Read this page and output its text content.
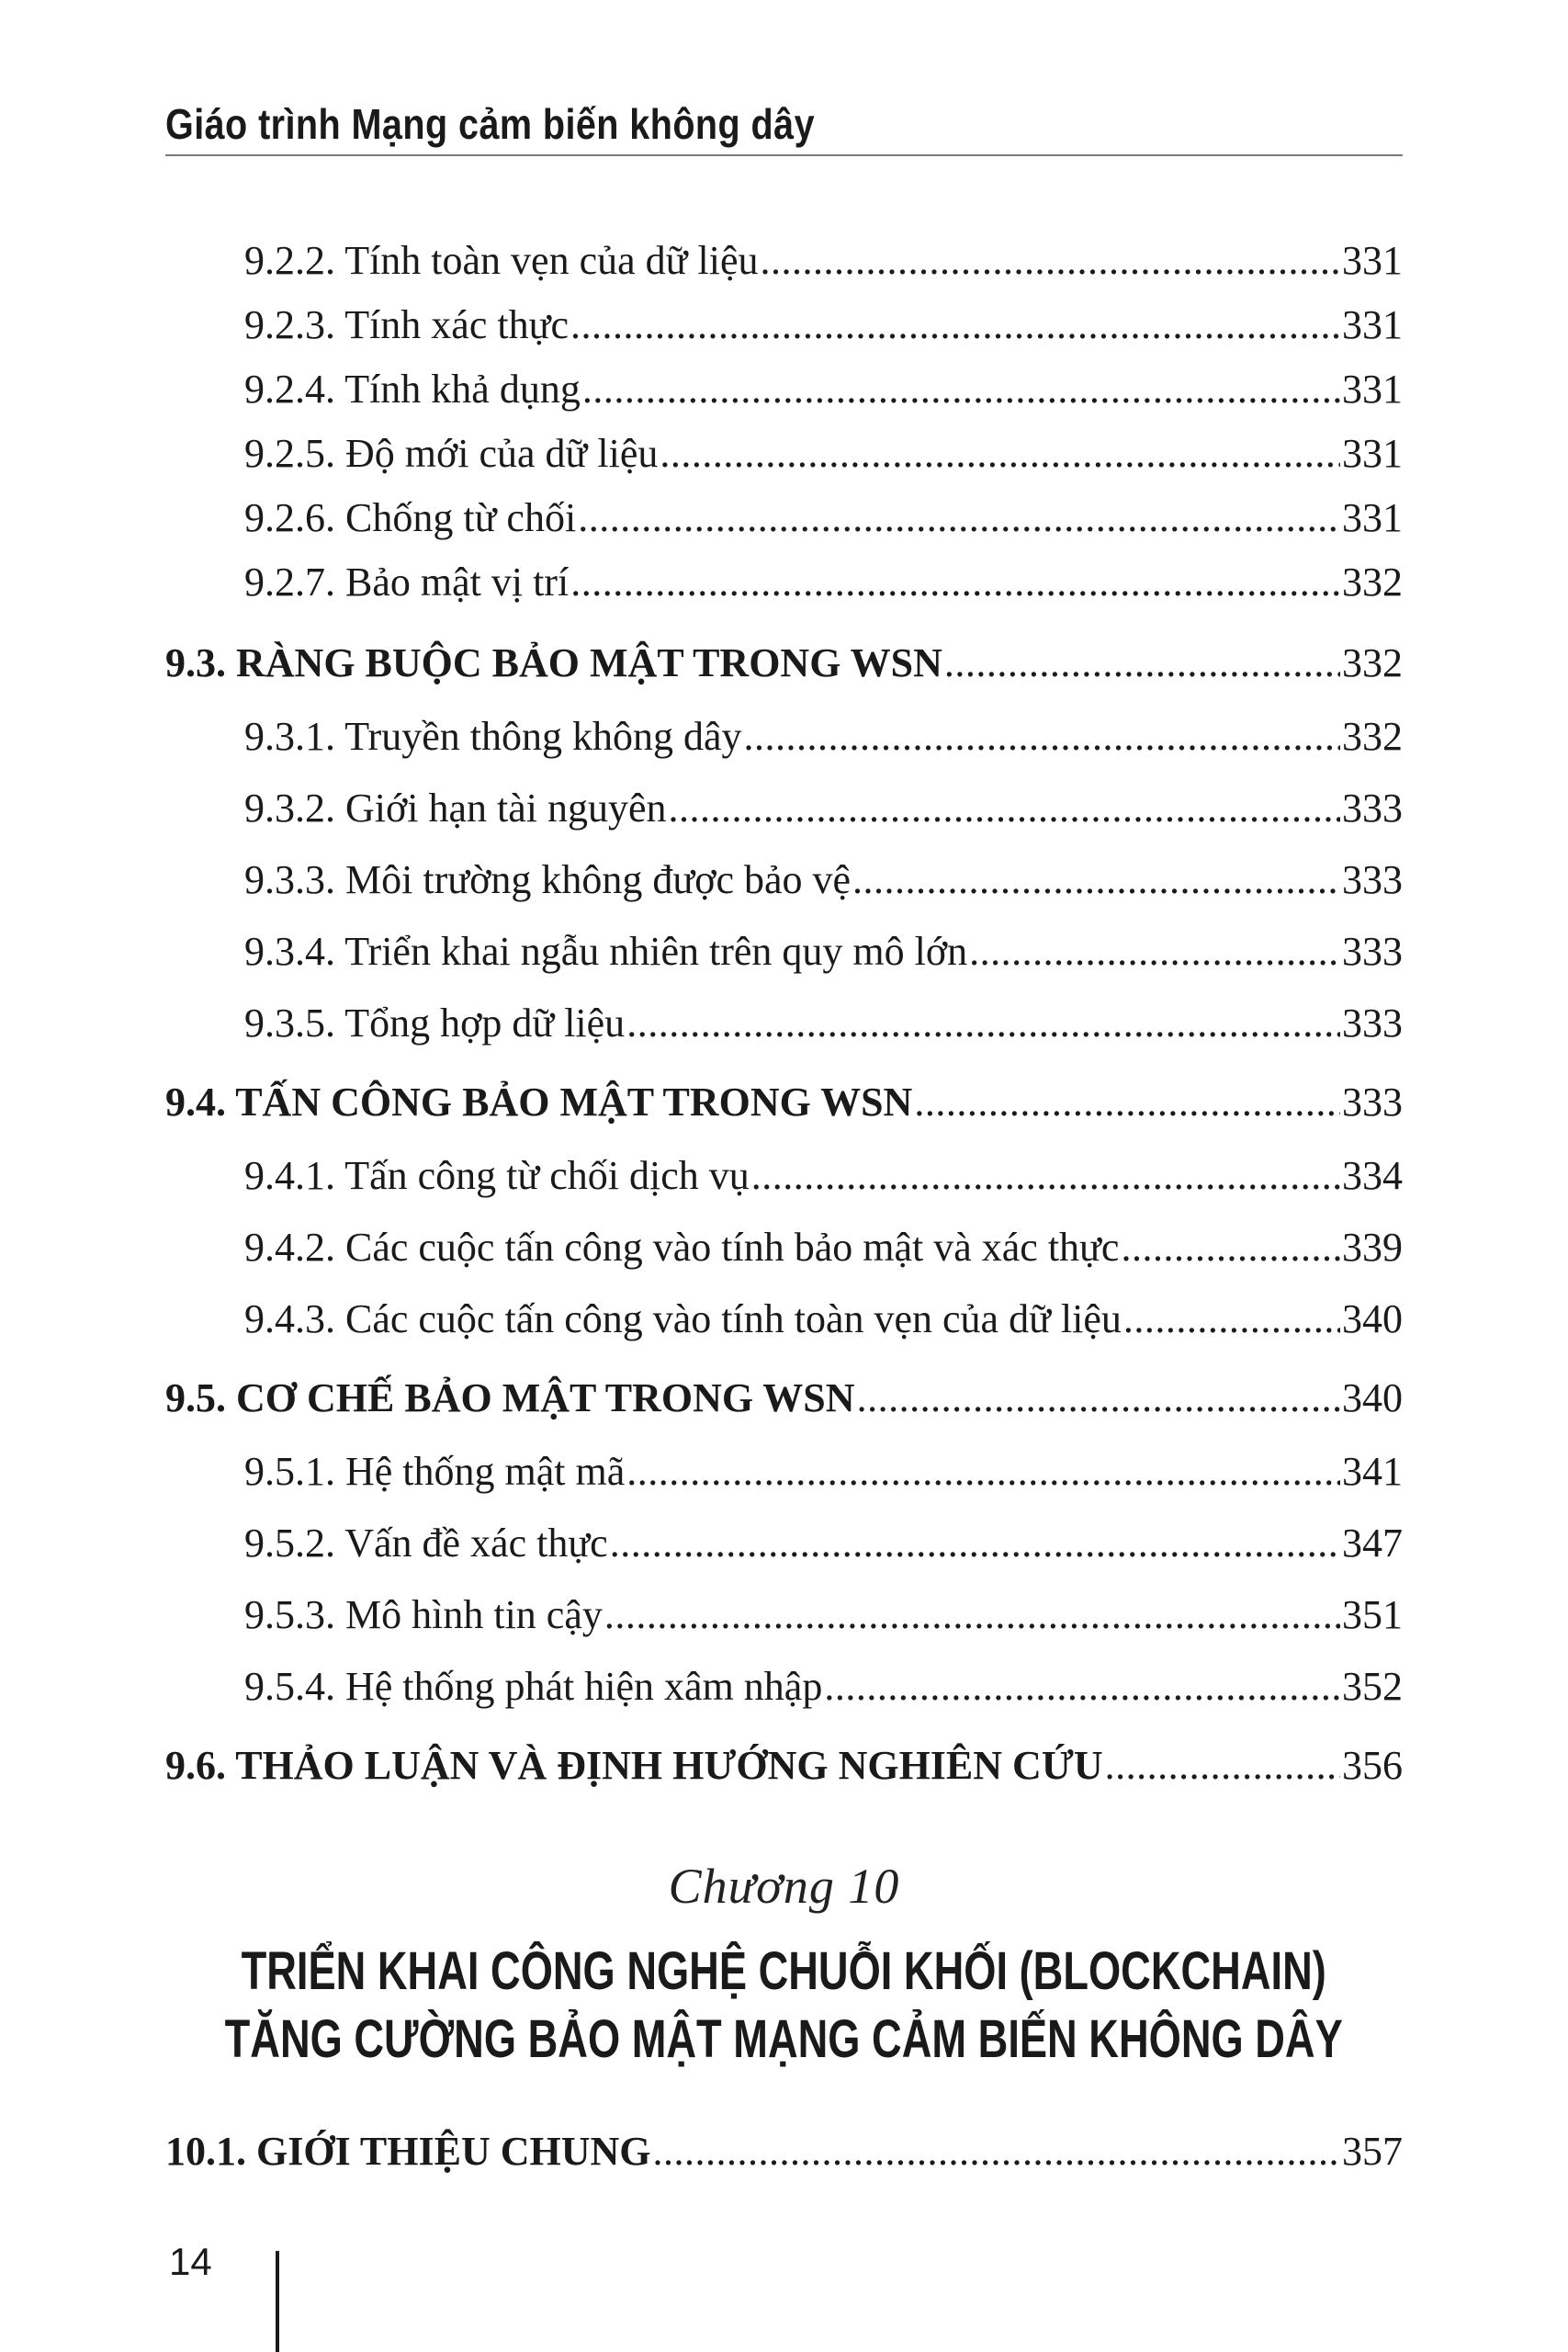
Giáo trình Mạng cảm biến không dây
9.2.2. Tính toàn vẹn của dữ liệu .....	331
9.2.3. Tính xác thực .....	331
9.2.4. Tính khả dụng .....	331
9.2.5. Độ mới của dữ liệu .....	331
9.2.6. Chống từ chối .....	331
9.2.7. Bảo mật vị trí .....	332
9.3. RÀNG BUỘC BẢO MẬT TRONG WSN .....	332
9.3.1. Truyền thông không dây .....	332
9.3.2. Giới hạn tài nguyên .....	333
9.3.3. Môi trường không được bảo vệ .....	333
9.3.4. Triển khai ngẫu nhiên trên quy mô lớn .....	333
9.3.5. Tổng hợp dữ liệu .....	333
9.4. TẤN CÔNG BẢO MẬT TRONG WSN .....	333
9.4.1. Tấn công từ chối dịch vụ .....	334
9.4.2. Các cuộc tấn công vào tính bảo mật và xác thực .....	339
9.4.3. Các cuộc tấn công vào tính toàn vẹn của dữ liệu .....	340
9.5. CƠ CHẾ BẢO MẬT TRONG WSN .....	340
9.5.1. Hệ thống mật mã .....	341
9.5.2. Vấn đề xác thực .....	347
9.5.3. Mô hình tin cậy .....	351
9.5.4. Hệ thống phát hiện xâm nhập .....	352
9.6. THẢO LUẬN VÀ ĐỊNH HƯỚNG NGHIÊN CỨU .....	356
Chương 10
TRIỂN KHAI CÔNG NGHỆ CHUỖI KHỐI (BLOCKCHAIN)
TĂNG CƯỜNG BẢO MẬT MẠNG CẢM BIẾN KHÔNG DÂY
10.1. GIỚI THIỆU CHUNG .....	357
14
